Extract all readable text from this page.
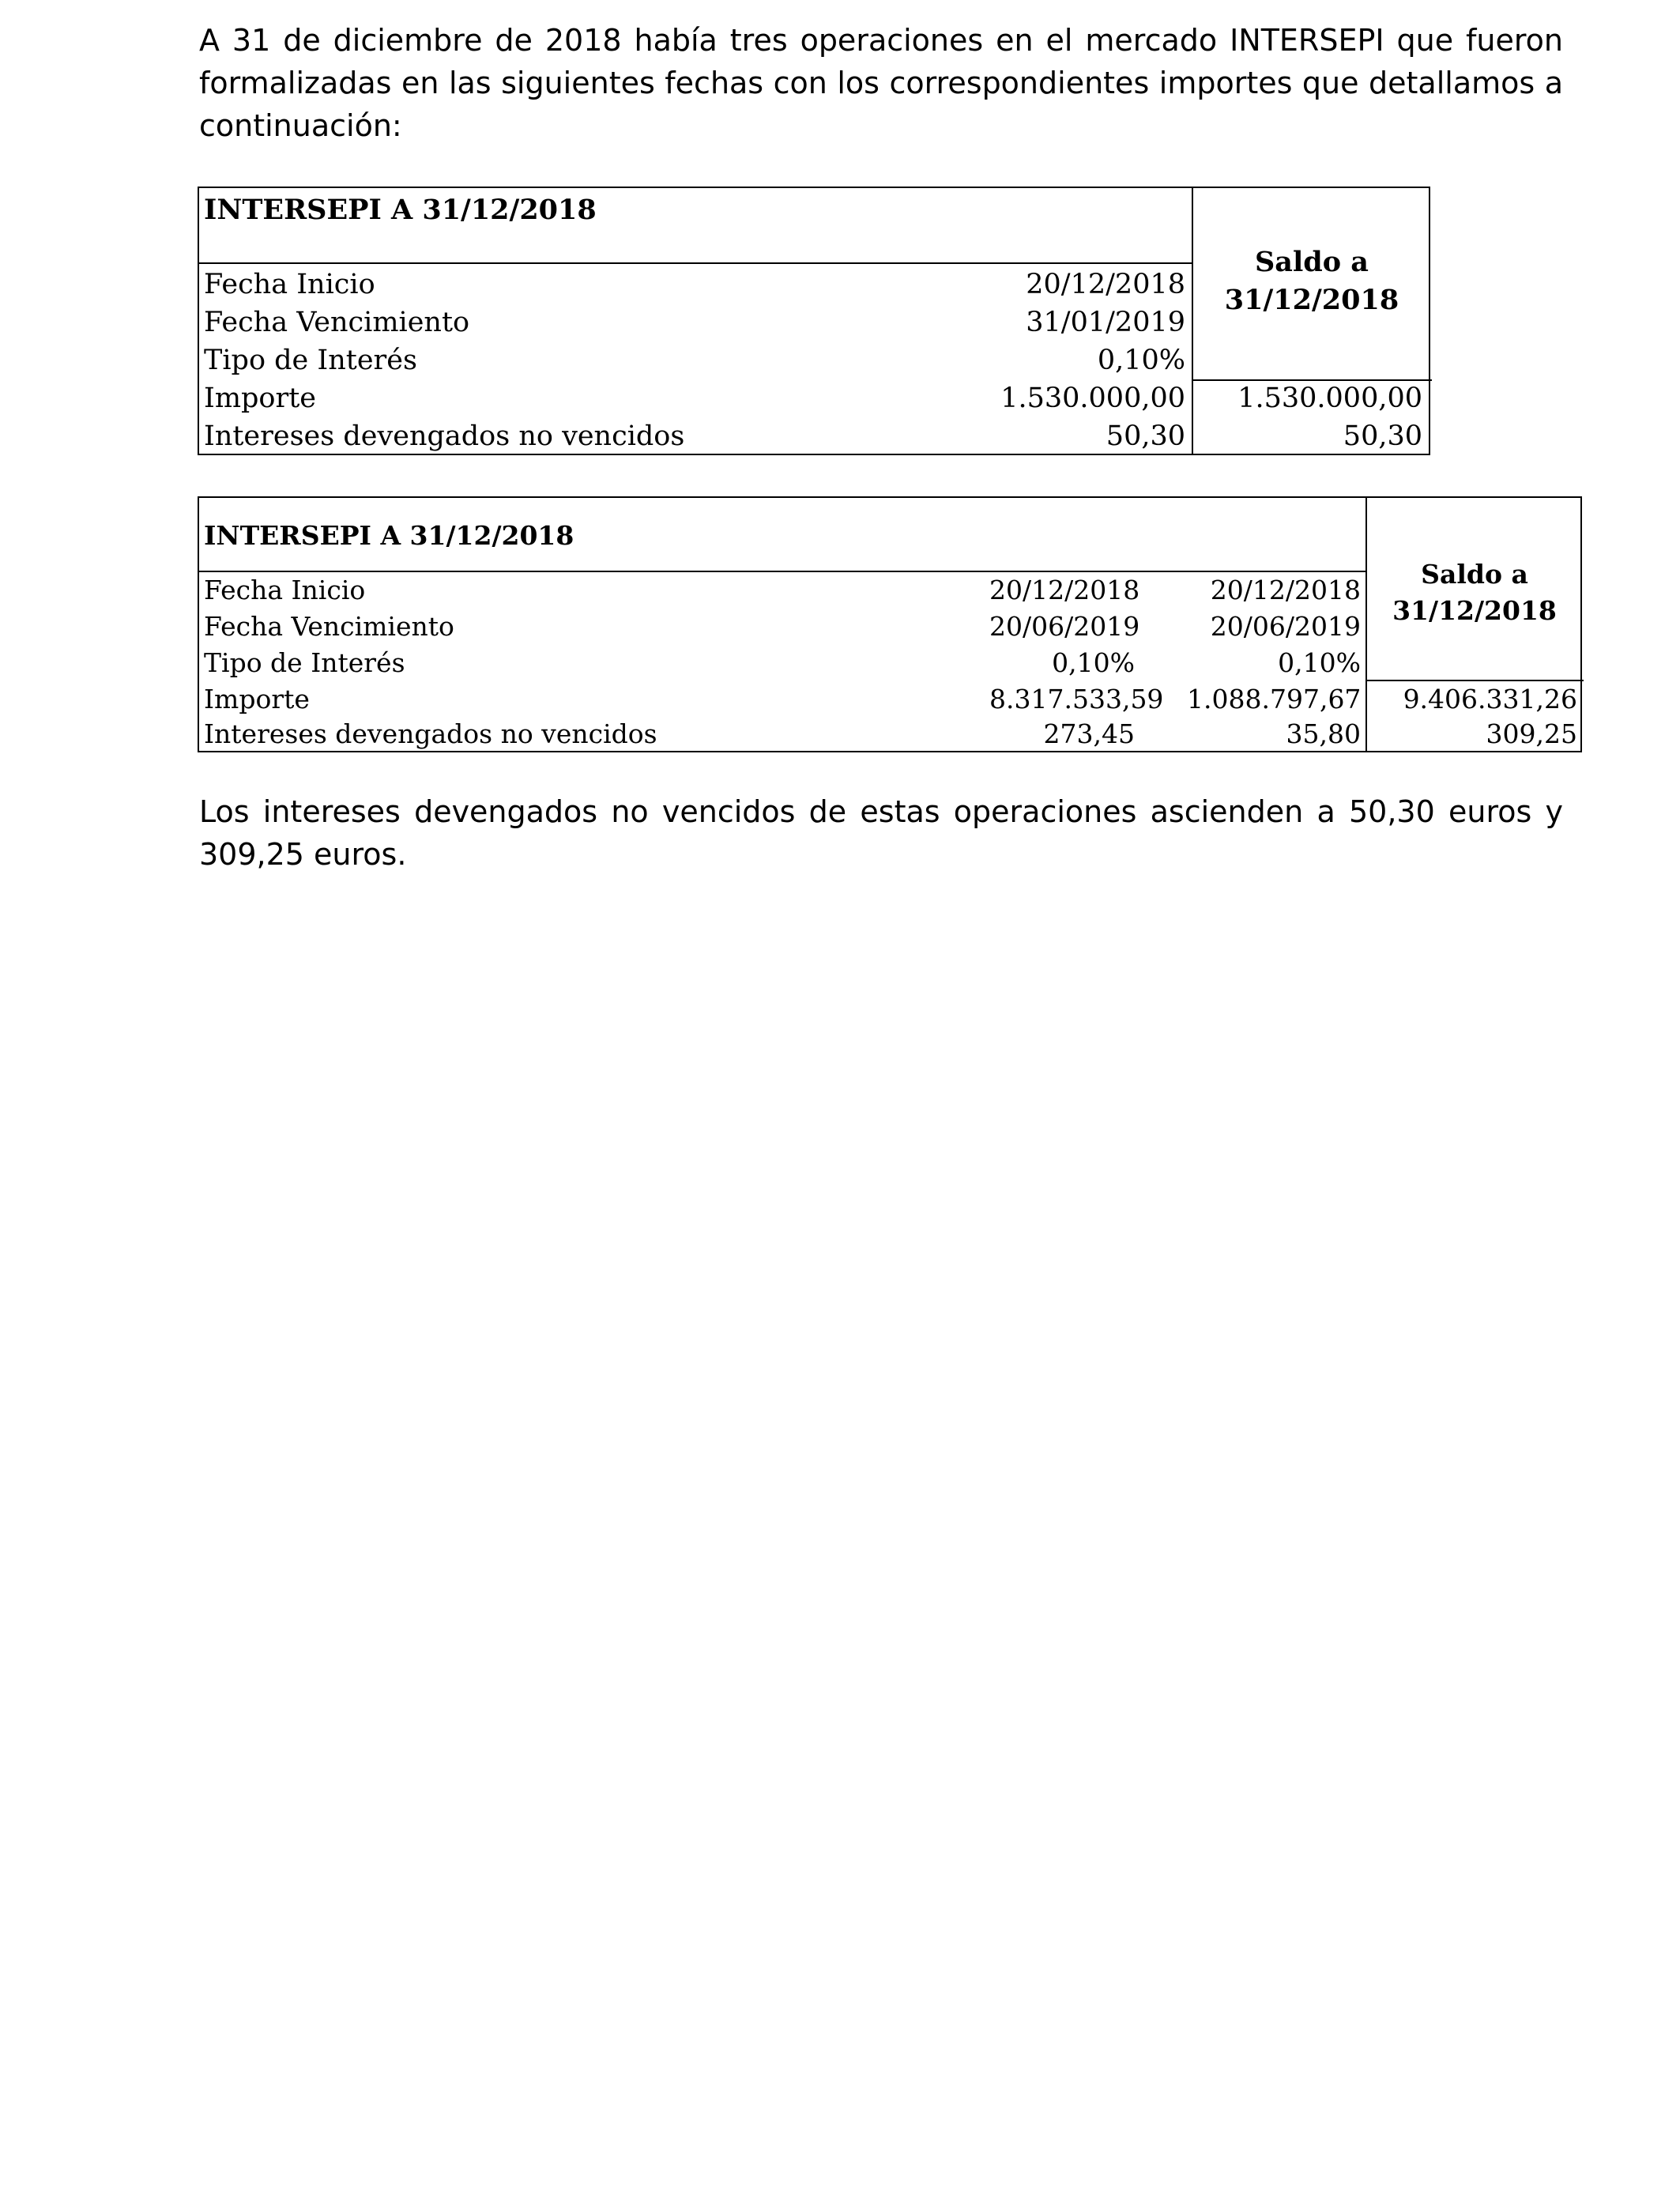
A 31 de diciembre de 2018 había tres operaciones en el mercado INTERSEPI que fueron formalizadas en las siguientes fechas con los correspondientes importes que detallamos a continuación:

INTERSEPI A 31/12/2018
Saldo a
31/12/2018
Fecha Inicio	20/12/2018
Fecha Vencimiento	31/01/2019
Tipo de Interés	0,10%
Importe	1.530.000,00	1.530.000,00
Intereses devengados no vencidos	50,30	50,30
INTERSEPI A 31/12/2018
Saldo a
31/12/2018
Fecha Inicio	20/12/2018	20/12/2018
Fecha Vencimiento	20/06/2019	20/06/2019
Tipo de Interés	0,10%	0,10%
Importe	8.317.533,59 1.088.797,67	9.406.331,26
Intereses devengados no vencidos	273,45	35,80	309,25

Los intereses devengados no vencidos de estas operaciones ascienden a 50,30 euros y 309,25 euros.
